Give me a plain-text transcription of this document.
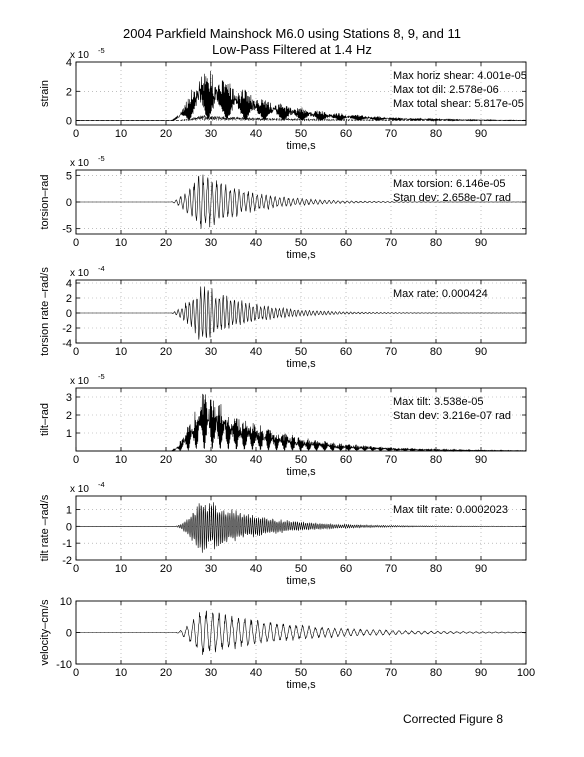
2004 Parkfield Mainshock M6.0 using Stations 8, 9, and 11
Low-Pass Filtered at 1.4 Hz
0	10	20	30	40	50	60	70	80	90
0
2
4
time,s
strain
x 10 -5
Max horiz shear: 4.001e-05
Max tot dil: 2.578e-06
Max total shear: 5.817e-05
0	10	20	30	40	50	60	70	80	90
-5
0
5
time,s
torsion–rad
x 10 -5
Max torsion: 6.146e-05
Stan dev: 2.658e-07 rad
0	10	20	30	40	50	60	70	80	90
-4
-2
0
2
4
time,s
torsion rate –rad/s x 10 -4
Max rate: 0.000424
0	10	20	30	40	50	60	70	80	90
1
2
3
time,s
tilt–rad
x 10 -5
Max tilt: 3.538e-05
Stan dev: 3.216e-07 rad
0	10	20	30	40	50	60	70	80	90
-2
-1
0
1
time,s
tilt rate –rad/s
x 10 -4
Max tilt rate: 0.0002023
0	10	20	30	40	50	60	70	80	90	100
-10
0
10
time,s
velocity–cm/s
Corrected Figure 8
